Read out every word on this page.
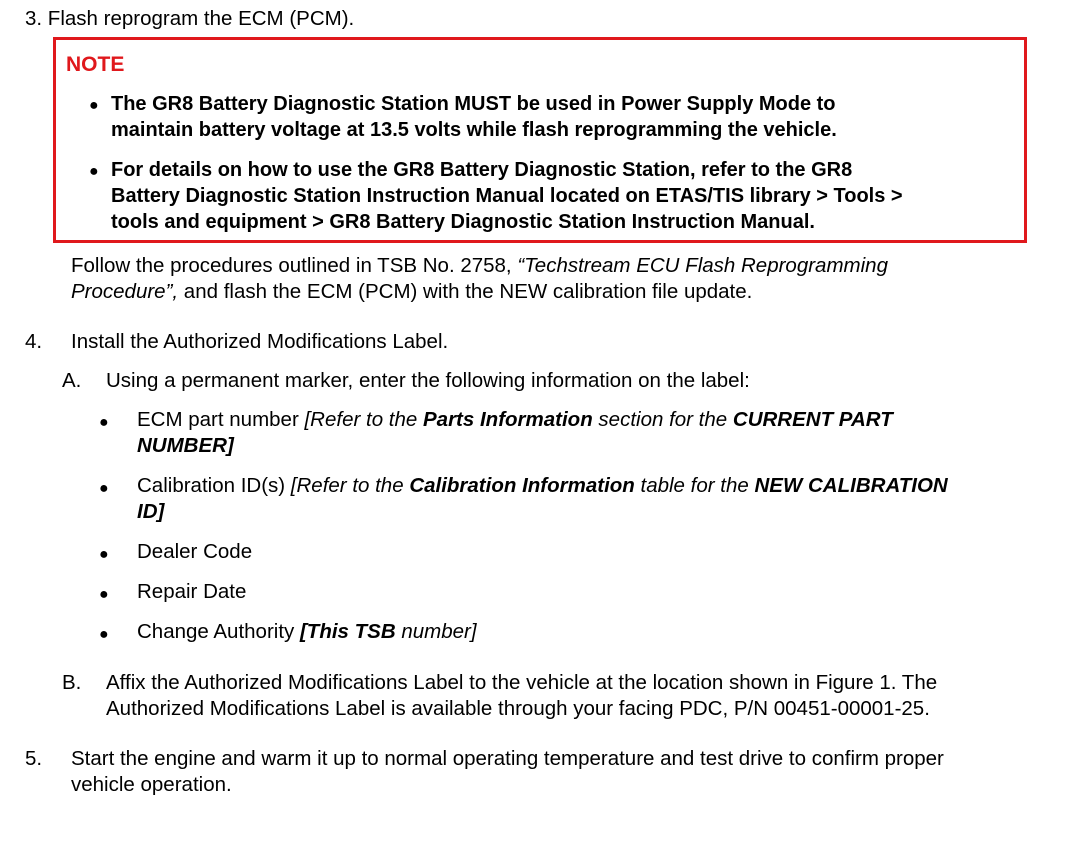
3. Flash reprogram the ECM (PCM).
NOTE
● The GR8 Battery Diagnostic Station MUST be used in Power Supply Mode to
maintain battery voltage at 13.5 volts while flash reprogramming the vehicle.
● For details on how to use the GR8 Battery Diagnostic Station, refer to the GR8
Battery Diagnostic Station Instruction Manual located on ETAS/TIS library > Tools >
tools and equipment > GR8 Battery Diagnostic Station Instruction Manual.
Follow the procedures outlined in TSB No. 2758, “Techstream ECU Flash Reprogramming
Procedure”, and flash the ECM (PCM) with the NEW calibration file update.
4. Install the Authorized Modifications Label.
A. Using a permanent marker, enter the following information on the label:
● ECM part number [Refer to the Parts Information section for the CURRENT PART
NUMBER]
● Calibration ID(s) [Refer to the Calibration Information table for the NEW CALIBRATION
ID]
● Dealer Code
● Repair Date
● Change Authority [This TSB number]
B. Affix the Authorized Modifications Label to the vehicle at the location shown in Figure 1. The
Authorized Modifications Label is available through your facing PDC, P/N 00451-00001-25.
5. Start the engine and warm it up to normal operating temperature and test drive to confirm proper
vehicle operation.
